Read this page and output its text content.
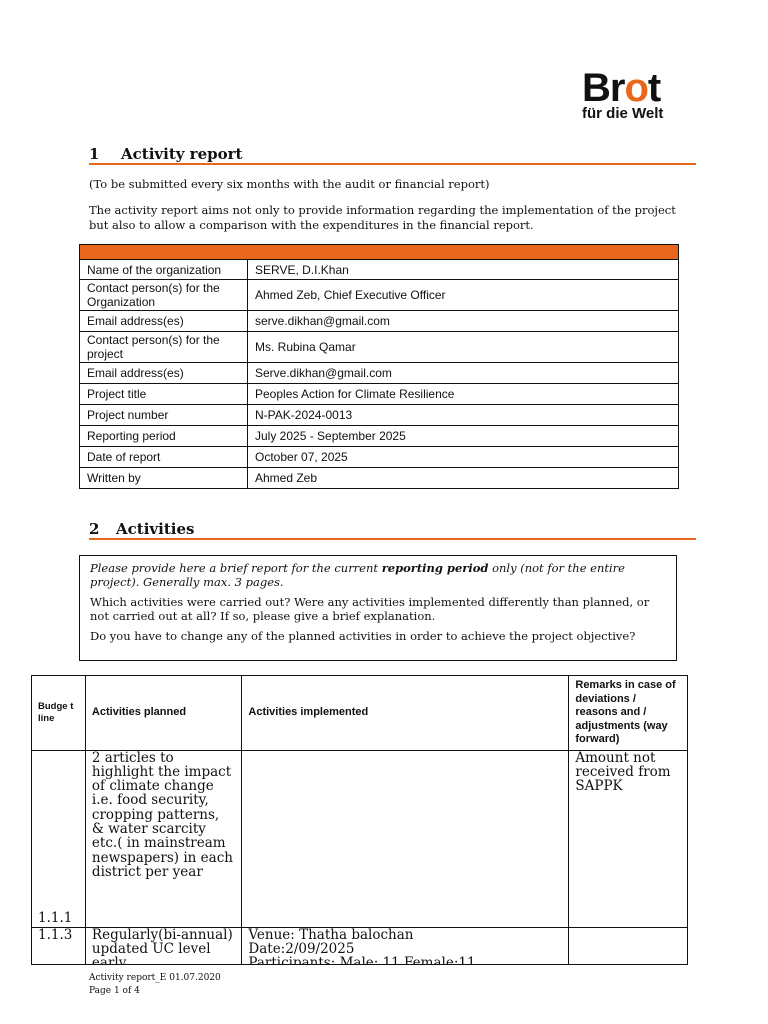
Brot
für die Welt
1 Activity report
(To be submitted every six months with the audit or financial report)
The activity report aims not only to provide information regarding the implementation of the project but also to allow a comparison with the expenditures in the financial report.

Name of the organization	SERVE, D.I.Khan
Contact person(s) for the Organization	Ahmed Zeb, Chief Executive Officer
Email address(es)	serve.dikhan@gmail.com
Contact person(s) for the project	Ms. Rubina Qamar
Email address(es)	Serve.dikhan@gmail.com
Project title	Peoples Action for Climate Resilience
Project number	N-PAK-2024-0013
Reporting period	July 2025 - September 2025
Date of report	October 07, 2025
Written by	Ahmed Zeb
2 Activities

Please provide here a brief report for the current reporting period only (not for the entire project). Generally max. 3 pages.

Which activities were carried out? Were any activities implemented differently than planned, or not carried out at all? If so, please give a brief explanation.

Do you have to change any of the planned activities in order to achieve the project objective?

Budge t line	Activities planned	Activities implemented	Remarks in case of deviations / reasons and / adjustments (way forward)
1.1.1	2 articles to highlight the impact of climate change i.e. food security, cropping patterns, & water scarcity etc.( in mainstream newspapers) in each district per year		Amount not received from SAPPK
1.1.3	Regularly(bi-annual) updated UC level	Venue: Thatha balochan
Date:2/09/2025	

Activity report_E 01.07.2020
Page 1 of 4
